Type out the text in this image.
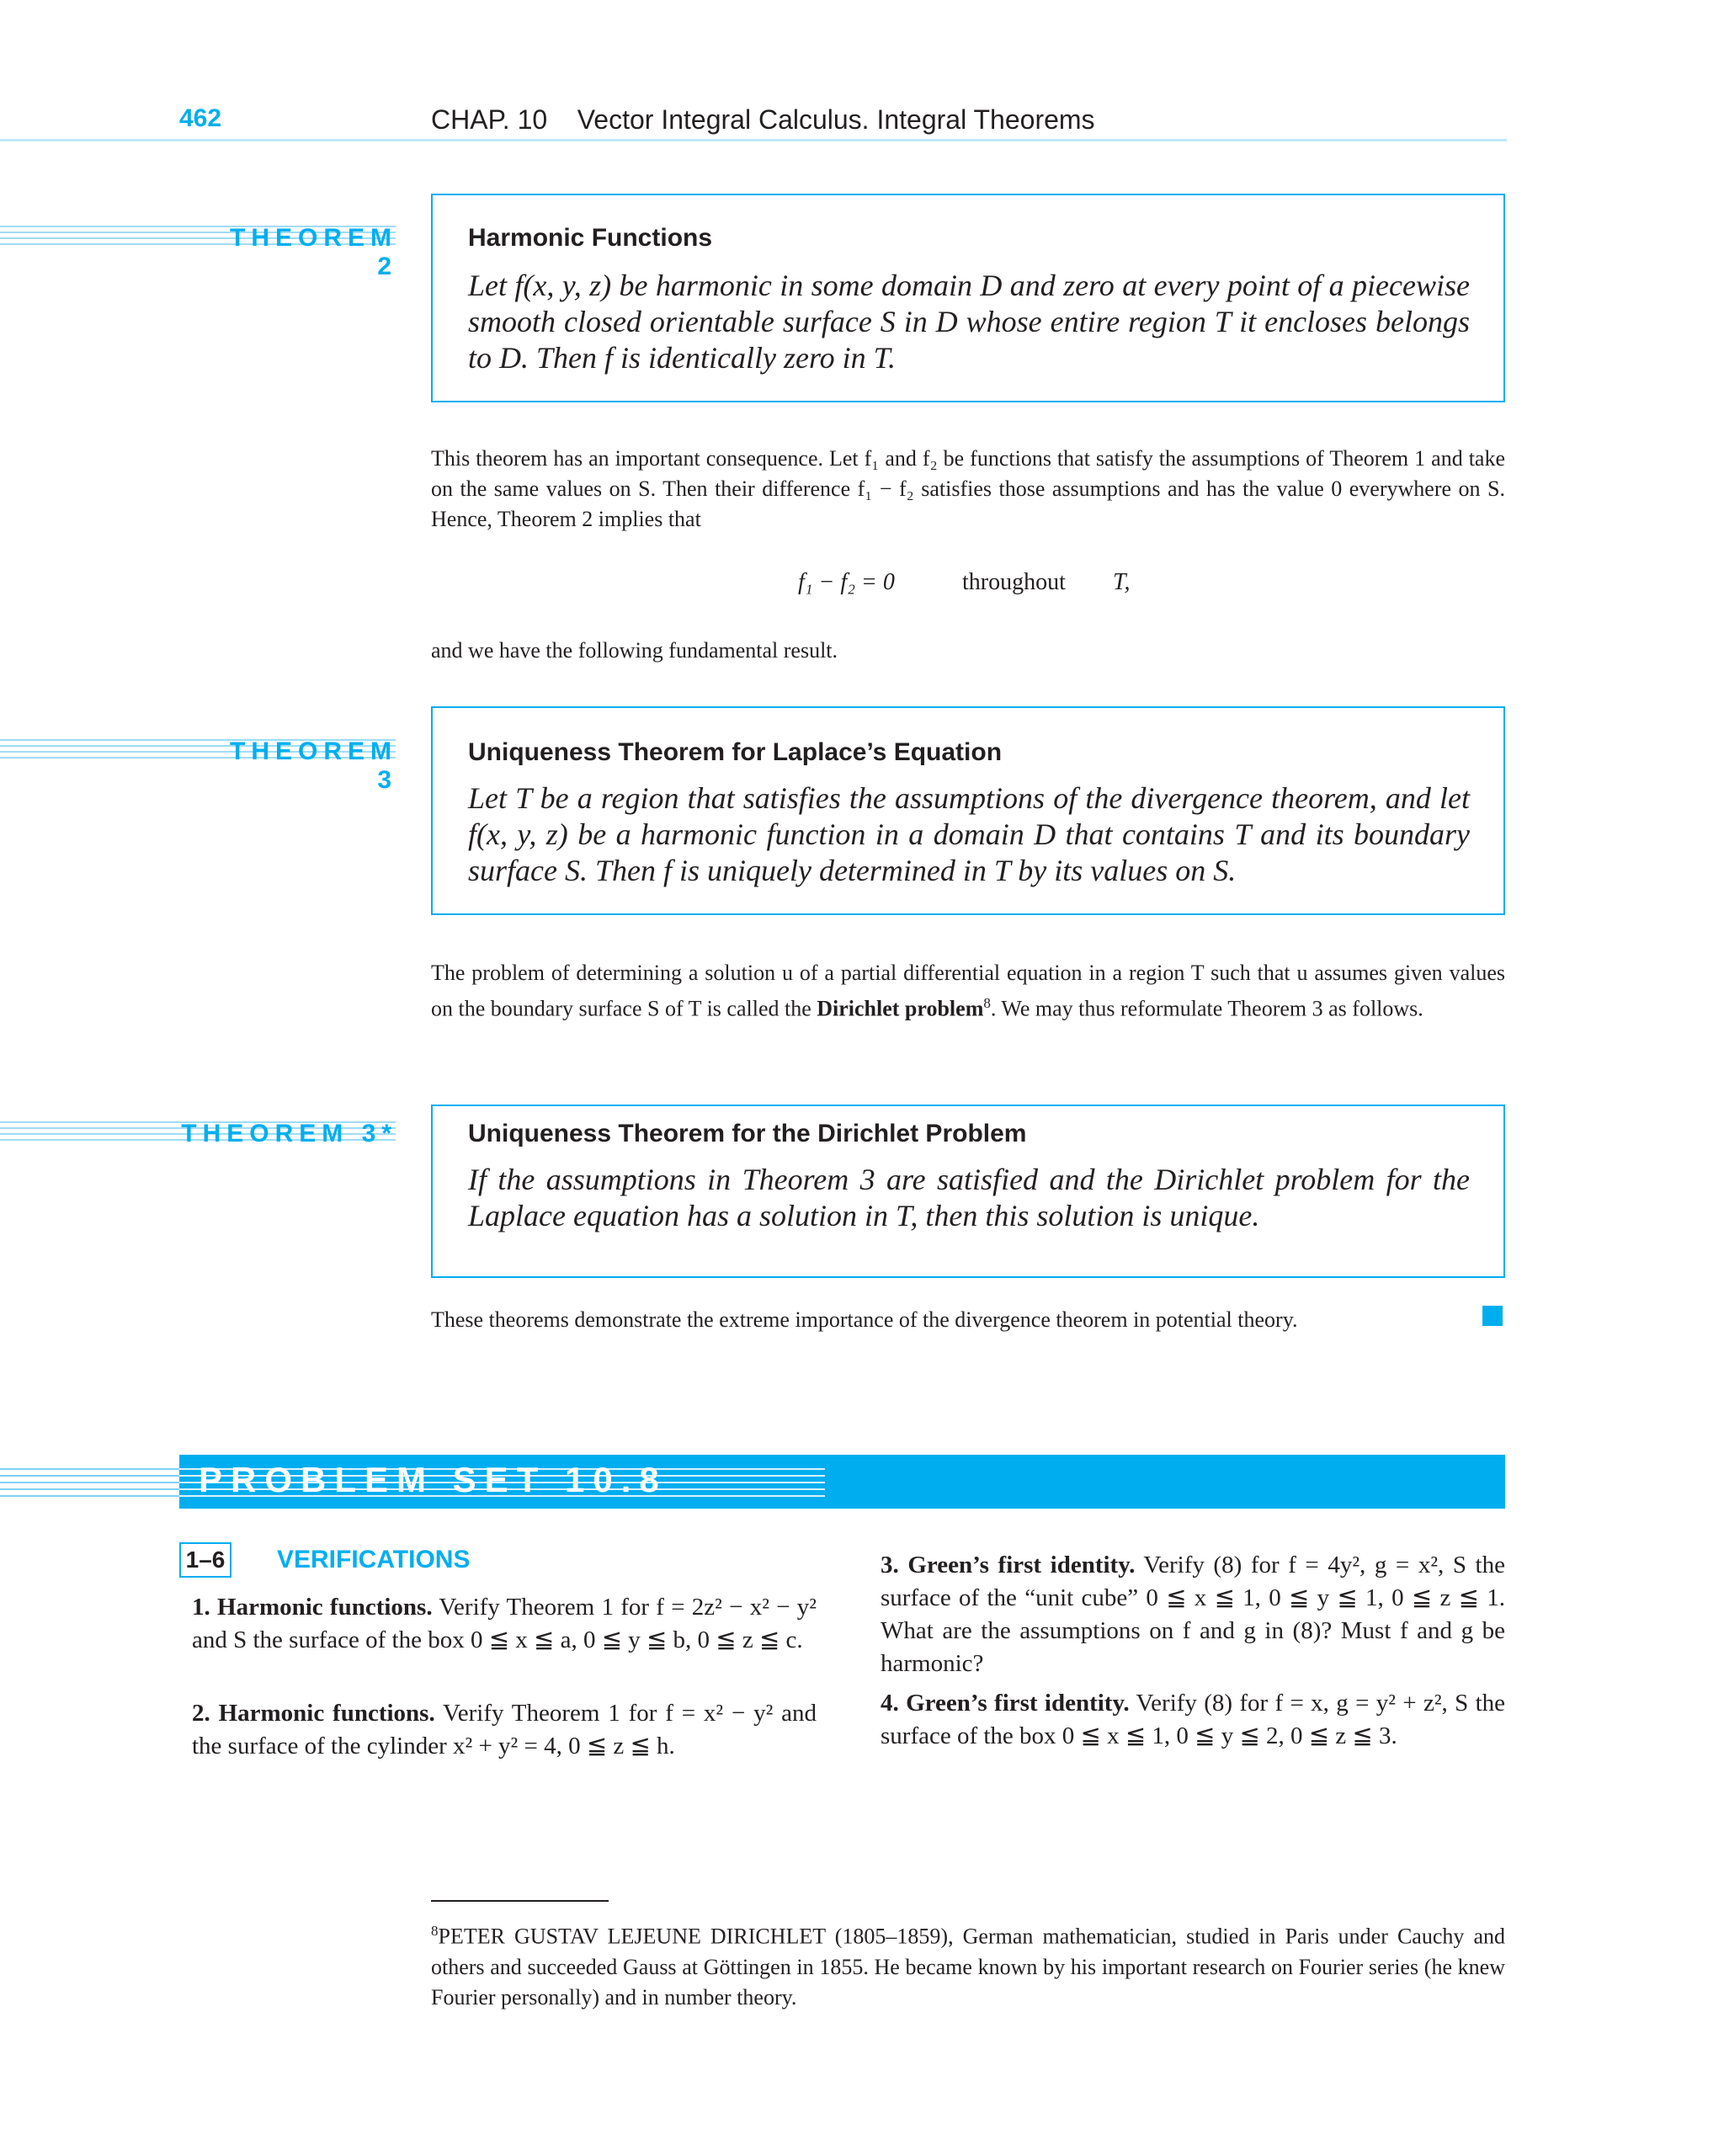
462	CHAP. 10    Vector Integral Calculus. Integral Theorems
THEOREM 2
Harmonic Functions
Let f(x, y, z) be harmonic in some domain D and zero at every point of a piecewise smooth closed orientable surface S in D whose entire region T it encloses belongs to D. Then f is identically zero in T.
This theorem has an important consequence. Let f₁ and f₂ be functions that satisfy the assumptions of Theorem 1 and take on the same values on S. Then their difference f₁ − f₂ satisfies those assumptions and has the value 0 everywhere on S. Hence, Theorem 2 implies that
f₁ − f₂ = 0	throughout T,
and we have the following fundamental result.
THEOREM 3
Uniqueness Theorem for Laplace’s Equation
Let T be a region that satisfies the assumptions of the divergence theorem, and let f(x, y, z) be a harmonic function in a domain D that contains T and its boundary surface S. Then f is uniquely determined in T by its values on S.
The problem of determining a solution u of a partial differential equation in a region T such that u assumes given values on the boundary surface S of T is called the Dirichlet problem$^8$. We may thus reformulate Theorem 3 as follows.
THEOREM 3*	Uniqueness Theorem for the Dirichlet Problem
If the assumptions in Theorem 3 are satisfied and the Dirichlet problem for the Laplace equation has a solution in T, then this solution is unique.
These theorems demonstrate the extreme importance of the divergence theorem in potential theory.
PROBLEM SET 10.8
1–6 VERIFICATIONS
1. Harmonic functions. Verify Theorem 1 for f = 2z² − x² − y² and S the surface of the box 0 ≦ x ≦ a, 0 ≦ y ≦ b, 0 ≦ z ≦ c.
2. Harmonic functions. Verify Theorem 1 for f = x² − y² and the surface of the cylinder x² + y² = 4, 0 ≦ z ≦ h.
3. Green’s first identity. Verify (8) for f = 4y², g = x², S the surface of the “unit cube” 0 ≦ x ≦ 1, 0 ≦ y ≦ 1, 0 ≦ z ≦ 1. What are the assumptions on f and g in (8)? Must f and g be harmonic?
4. Green’s first identity. Verify (8) for f = x, g = y² + z², S the surface of the box 0 ≦ x ≦ 1, 0 ≦ y ≦ 2, 0 ≦ z ≦ 3.
$^8$PETER GUSTAV LEJEUNE DIRICHLET (1805–1859), German mathematician, studied in Paris under Cauchy and others and succeeded Gauss at Göttingen in 1855. He became known by his important research on Fourier series (he knew Fourier personally) and in number theory.
